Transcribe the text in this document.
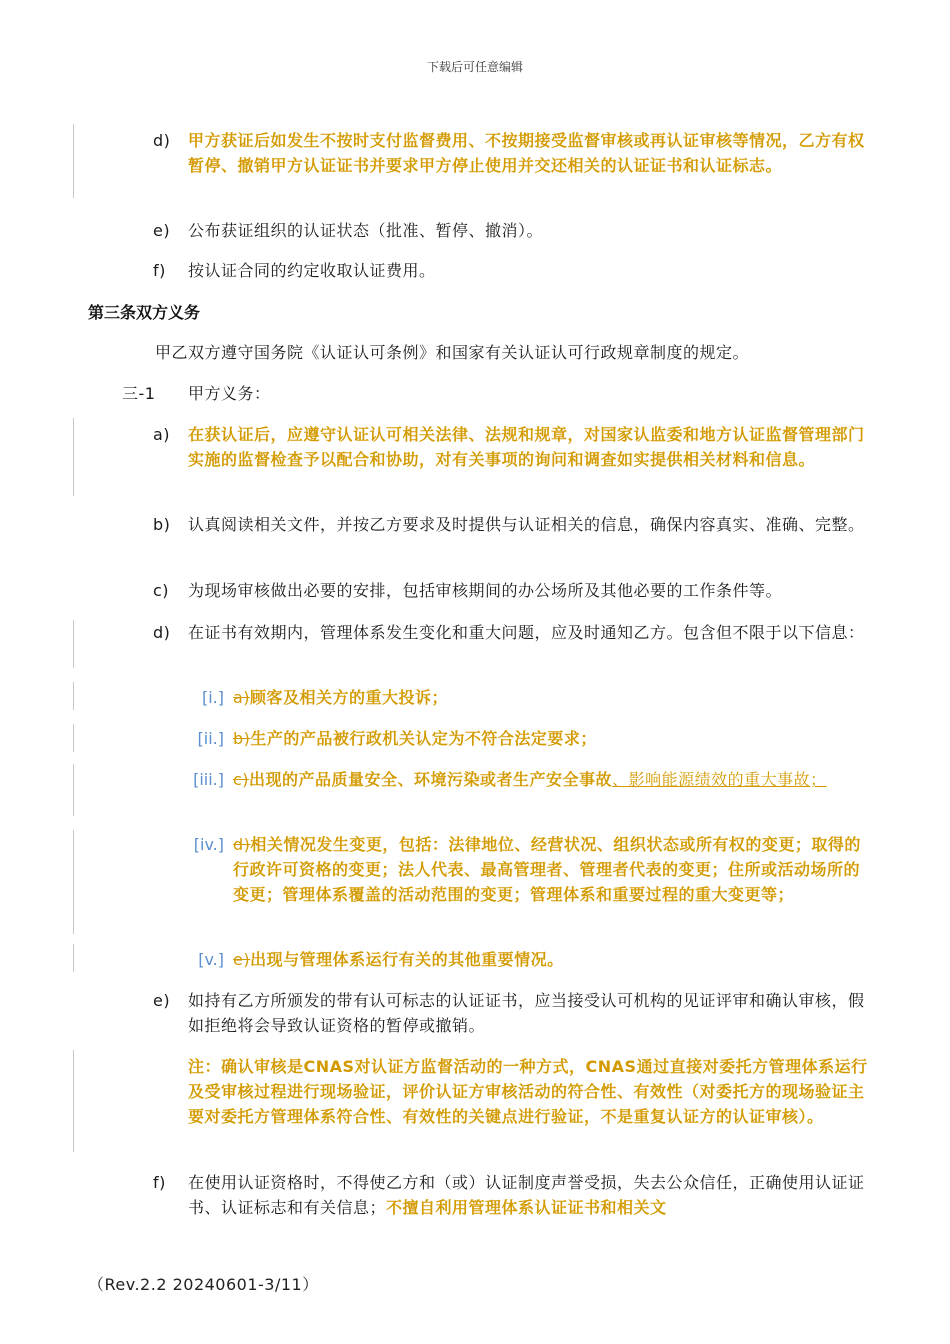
下载后可任意编辑
d) 甲方获证后如发生不按时支付监督费用、不按期接受监督审核或再认证审核等情况，乙方有权暂停、撤销甲方认证证书并要求甲方停止使用并交还相关的认证证书和认证标志。
e) 公布获证组织的认证状态（批准、暂停、撤消）。
f) 按认证合同的约定收取认证费用。
第三条双方义务
甲乙双方遵守国务院《认证认可条例》和国家有关认证认可行政规章制度的规定。
三-1 甲方义务：
a) 在获认证后，应遵守认证认可相关法律、法规和规章，对国家认监委和地方认证监督管理部门实施的监督检查予以配合和协助，对有关事项的询问和调查如实提供相关材料和信息。
b) 认真阅读相关文件，并按乙方要求及时提供与认证相关的信息，确保内容真实、准确、完整。
c) 为现场审核做出必要的安排，包括审核期间的办公场所及其他必要的工作条件等。
d) 在证书有效期内，管理体系发生变化和重大问题，应及时通知乙方。包含但不限于以下信息：
[i.] a)顾客及相关方的重大投诉；
[ii.] b)生产的产品被行政机关认定为不符合法定要求；
[iii.] c)出现的产品质量安全、环境污染或者生产安全事故、影响能源绩效的重大事故；
[iv.] d)相关情况发生变更，包括：法律地位、经营状况、组织状态或所有权的变更；取得的行政许可资格的变更；法人代表、最高管理者、管理者代表的变更；住所或活动场所的变更；管理体系覆盖的活动范围的变更；管理体系和重要过程的重大变更等；
[v.] e)出现与管理体系运行有关的其他重要情况。
e) 如持有乙方所颁发的带有认可标志的认证证书，应当接受认可机构的见证评审和确认审核，假如拒绝将会导致认证资格的暂停或撤销。
注：确认审核是CNAS对认证方监督活动的一种方式，CNAS通过直接对委托方管理体系运行及受审核过程进行现场验证，评价认证方审核活动的符合性、有效性（对委托方的现场验证主要对委托方管理体系符合性、有效性的关键点进行验证，不是重复认证方的认证审核）。
f) 在使用认证资格时，不得使乙方和（或）认证制度声誉受损，失去公众信任，正确使用认证证书、认证标志和有关信息；不擅自利用管理体系认证证书和相关文
（Rev.2.2 20240601-3/11）
